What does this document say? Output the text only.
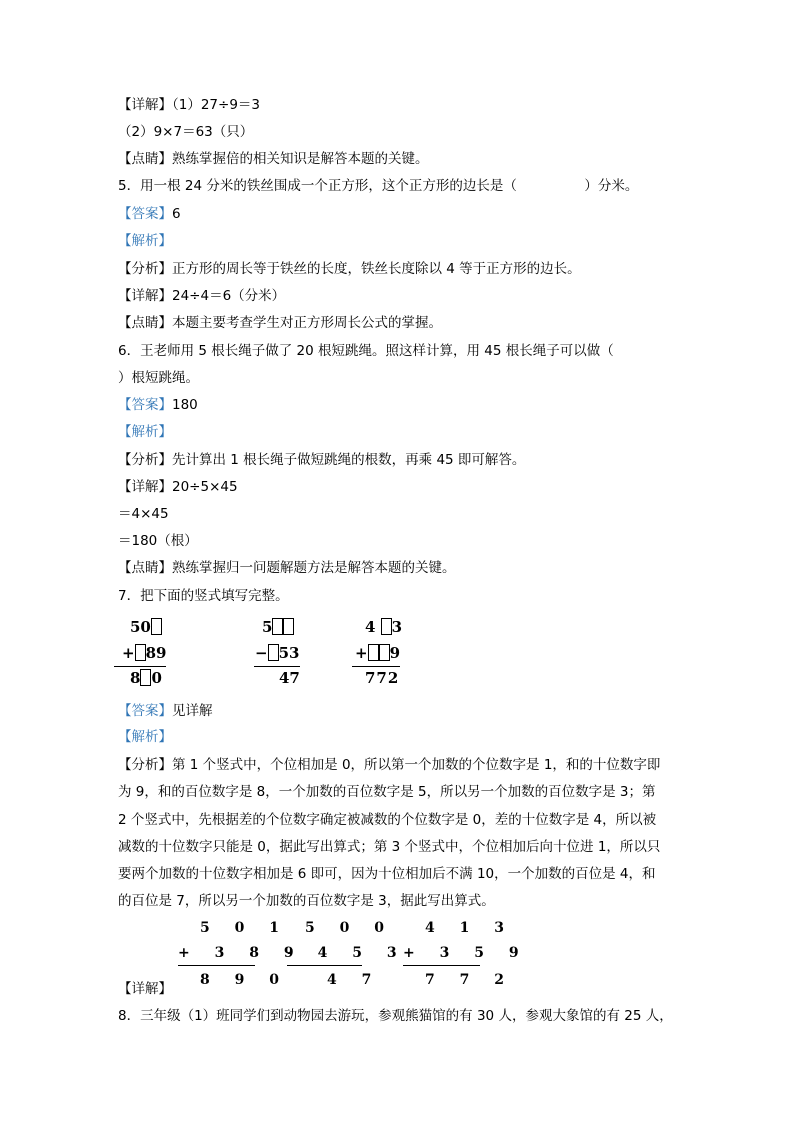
【详解】（1）27÷9＝3
（2）9×7＝63（只）
【点睛】熟练掌握倍的相关知识是解答本题的关键。
5．用一根 24 分米的铁丝围成一个正方形，这个正方形的边长是（　　　　　）分米。
【答案】6
【解析】
【分析】正方形的周长等于铁丝的长度，铁丝长度除以 4 等于正方形的边长。
【详解】24÷4＝6（分米）
【点睛】本题主要考查学生对正方形周长公式的掌握。
6．王老师用 5 根长绳子做了 20 根短跳绳。照这样计算，用 45 根长绳子可以做（
）根短跳绳。
【答案】180
【解析】
【分析】先计算出 1 根长绳子做短跳绳的根数，再乘 45 即可解答。
【详解】20÷5×45
＝4×45
＝180（根）
【点睛】熟练掌握归一问题解题方法是解答本题的关键。
7．把下面的竖式填写完整。
50
+ 89
8 0
5
− 53
47
4 3
+ 9
772
【答案】见详解
【解析】
【分析】第 1 个竖式中，个位相加是 0，所以第一个加数的个位数字是 1，和的十位数字即
为 9，和的百位数字是 8，一个加数的百位数字是 5，所以另一个加数的百位数字是 3；第
2 个竖式中，先根据差的个位数字确定被减数的个位数字是 0，差的十位数字是 4，所以被
减数的十位数字只能是 0，据此写出算式；第 3 个竖式中，个位相加后向十位进 1，所以只
要两个加数的十位数字相加是 6 即可，因为十位相加后不满 10，一个加数的百位是 4，和
的百位是 7，所以另一个加数的百位数字是 3，据此写出算式。
5 0 1
+ 3 8 9
8 9 0
5 0 0
- 4 5 3
4 7
4 1 3
+ 3 5 9
7 7 2
【详解】
8．三年级（1）班同学们到动物园去游玩，参观熊猫馆的有 30 人，参观大象馆的有 25 人，
